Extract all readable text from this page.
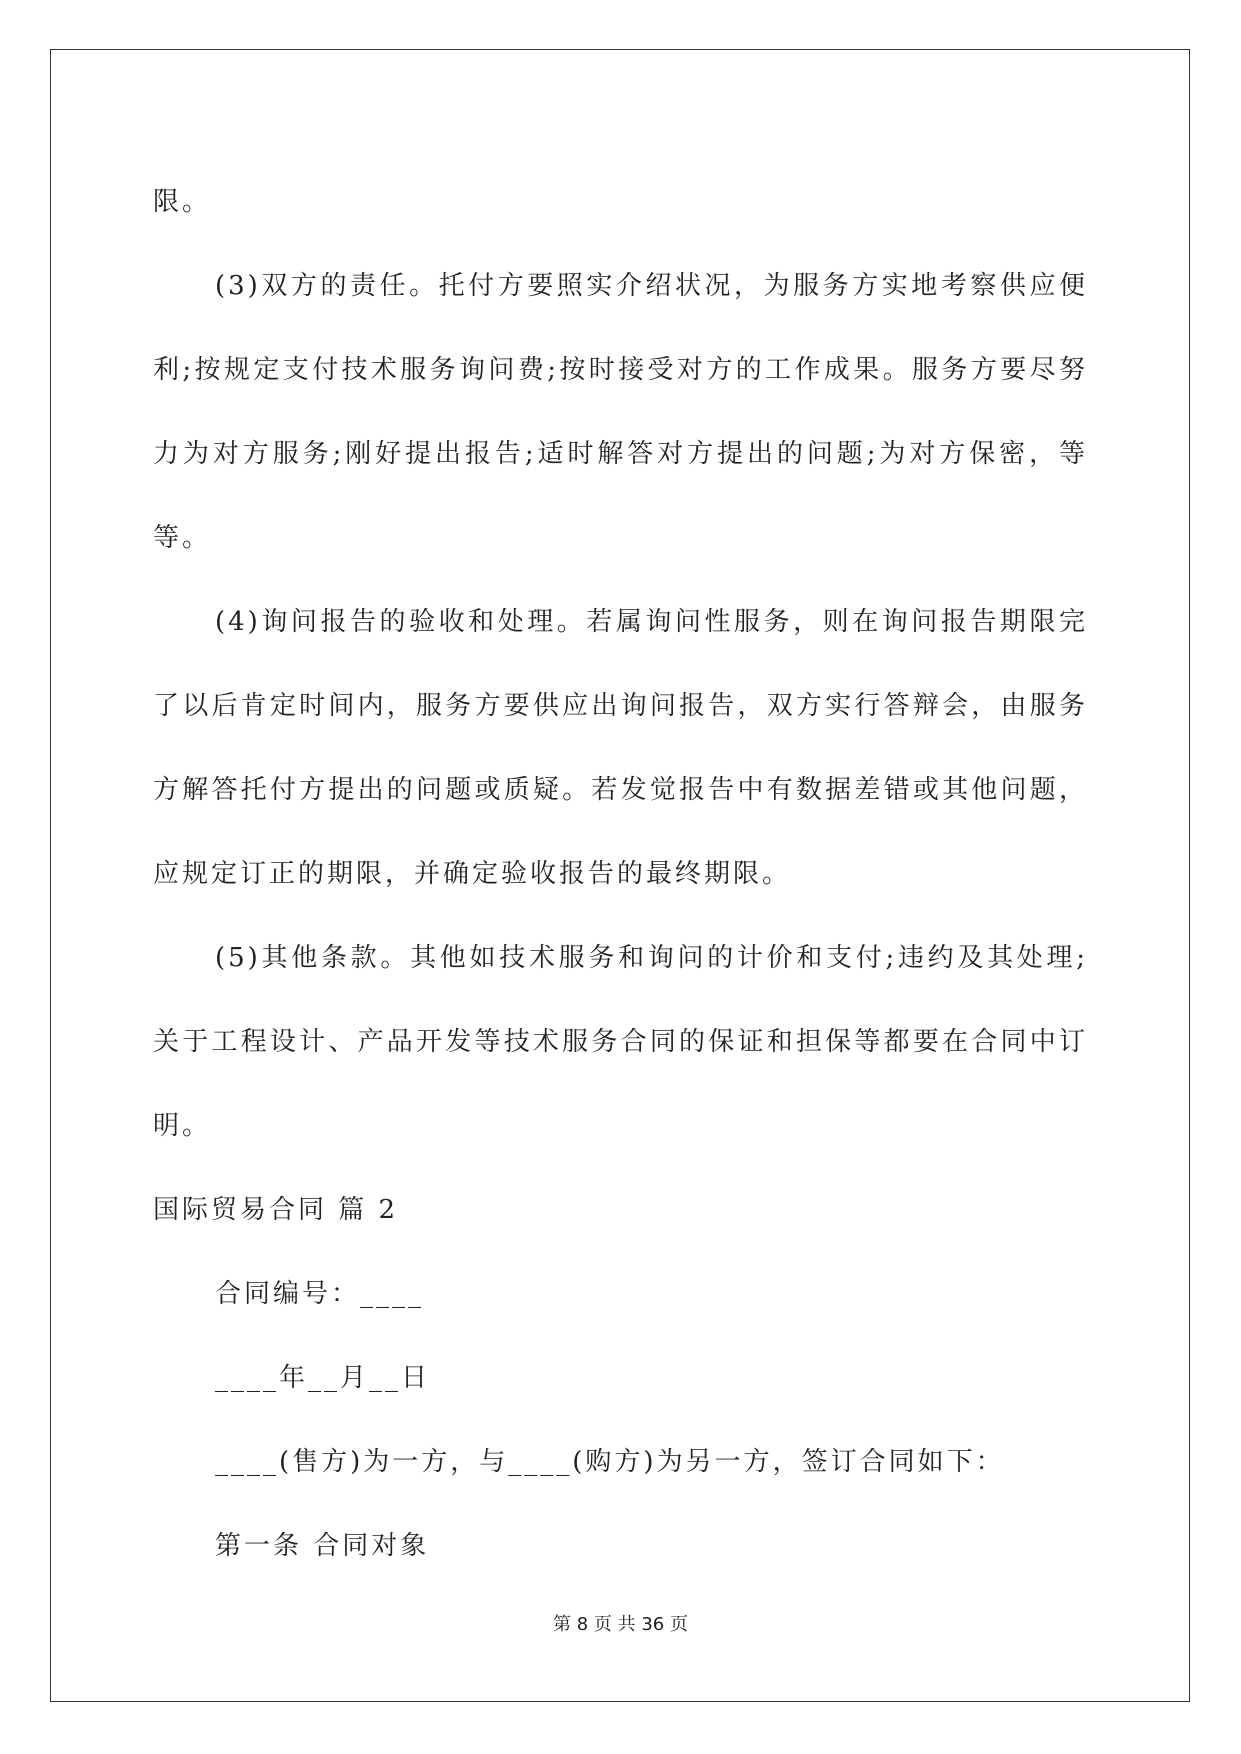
限。

(3)双方的责任。托付方要照实介绍状况，为服务方实地考察供应便利;按规定支付技术服务询问费;按时接受对方的工作成果。服务方要尽努力为对方服务;刚好提出报告;适时解答对方提出的问题;为对方保密，等等。

(4)询问报告的验收和处理。若属询问性服务，则在询问报告期限完了以后肯定时间内，服务方要供应出询问报告，双方实行答辩会，由服务方解答托付方提出的问题或质疑。若发觉报告中有数据差错或其他问题，应规定订正的期限，并确定验收报告的最终期限。

(5)其他条款。其他如技术服务和询问的计价和支付;违约及其处理;关于工程设计、产品开发等技术服务合同的保证和担保等都要在合同中订明。

国际贸易合同 篇 2

合同编号：____

____年__月__日

____(售方)为一方，与____(购方)为另一方，签订合同如下：

第一条 合同对象

第 8 页 共 36 页
